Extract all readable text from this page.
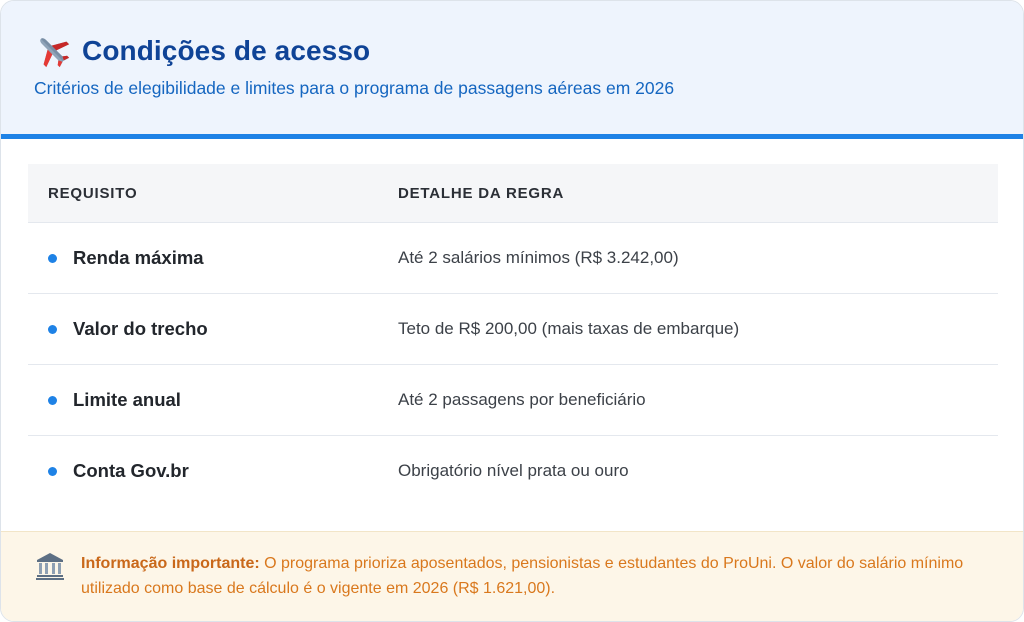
Condições de acesso
Critérios de elegibilidade e limites para o programa de passagens aéreas em 2026
REQUISITO	DETALHE DA REGRA
Renda máxima	Até 2 salários mínimos (R$ 3.242,00)
Valor do trecho	Teto de R$ 200,00 (mais taxas de embarque)
Limite anual	Até 2 passagens por beneficiário
Conta Gov.br	Obrigatório nível prata ou ouro
Informação importante: O programa prioriza aposentados, pensionistas e estudantes do ProUni. O valor do salário mínimo utilizado como base de cálculo é o vigente em 2026 (R$ 1.621,00).
